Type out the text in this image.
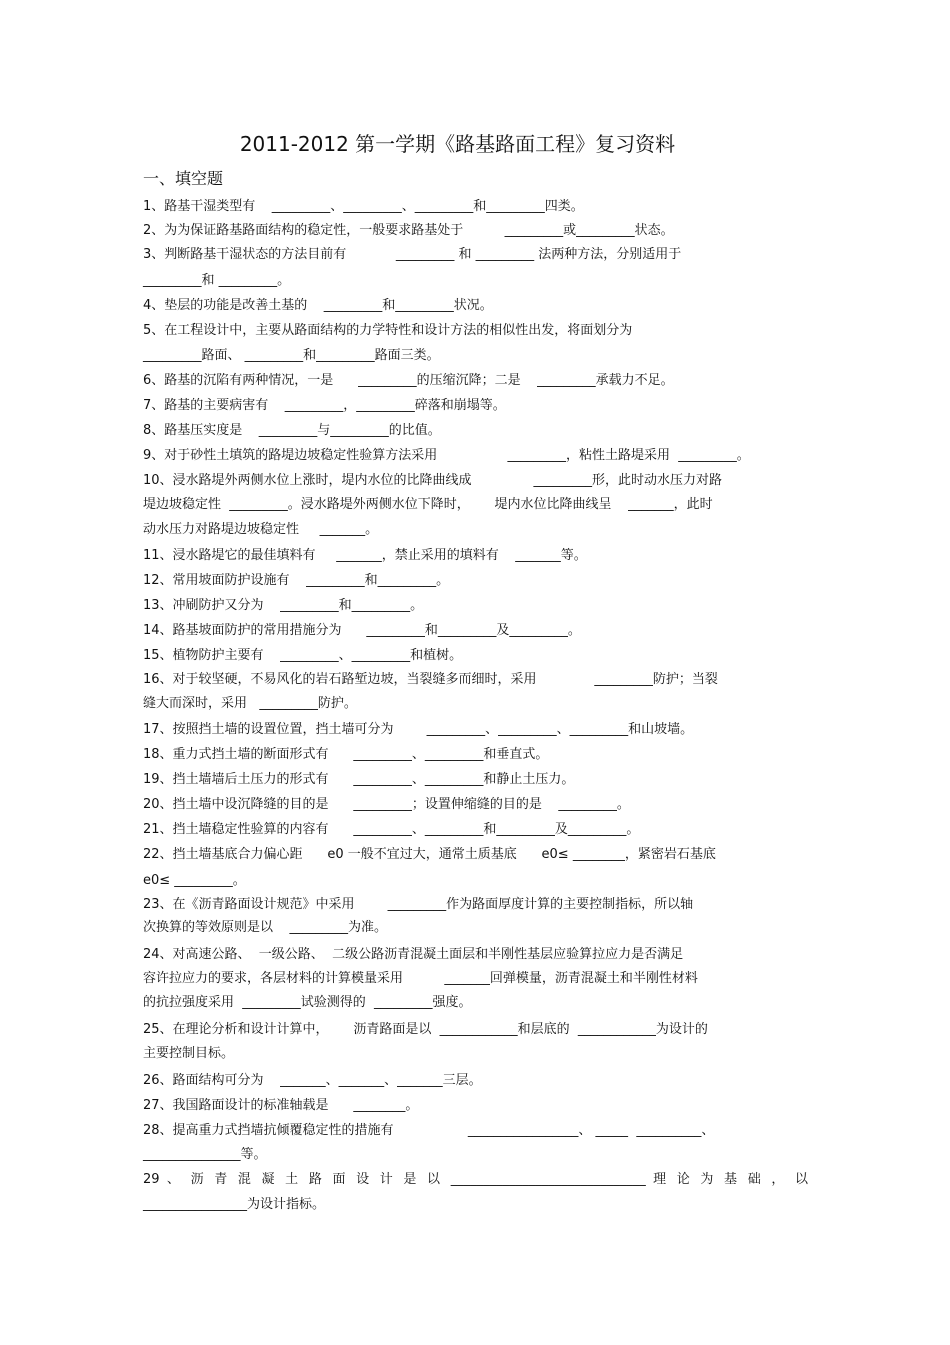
2011-2012 第一学期《路基路面工程》复习资料
一、填空题
1、路基干湿类型有    _________、_________、_________和_________四类。
2、为为保证路基路面结构的稳定性，一般要求路基处于          _________或_________状态。
3、判断路基干湿状态的方法目前有            _________ 和 _________ 法两种方法，分别适用于
_________和 _________。
4、垫层的功能是改善土基的    _________和_________状况。
5、在工程设计中，主要从路面结构的力学特性和设计方法的相似性出发，将面划分为
_________路面、 _________和_________路面三类。
6、路基的沉陷有两种情况，一是      _________的压缩沉降；二是    _________承载力不足。
7、路基的主要病害有    _________，_________碎落和崩塌等。
8、路基压实度是    _________与_________的比值。
9、对于砂性土填筑的路堤边坡稳定性验算方法采用                 _________，粘性土路堤采用  _________。
10、浸水路堤外两侧水位上涨时，堤内水位的比降曲线成               _________形，此时动水压力对路
堤边坡稳定性  _________。浸水路堤外两侧水位下降时，      堤内水位比降曲线呈    _______，此时
动水压力对路堤边坡稳定性     _______。
11、浸水路堤它的最佳填料有     _______，禁止采用的填料有    _______等。
12、常用坡面防护设施有    _________和_________。
13、冲刷防护又分为    _________和_________。
14、路基坡面防护的常用措施分为      _________和_________及_________。
15、植物防护主要有    _________、_________和植树。
16、对于较坚硬，不易风化的岩石路堑边坡，当裂缝多而细时，采用              _________防护；当裂
缝大而深时，采用   _________防护。
17、按照挡土墙的设置位置，挡土墙可分为        _________、_________、_________和山坡墙。
18、重力式挡土墙的断面形式有      _________、_________和垂直式。
19、挡土墙墙后土压力的形式有      _________、_________和静止土压力。
20、挡土墙中设沉降缝的目的是      _________；设置伸缩缝的目的是    _________。
21、挡土墙稳定性验算的内容有      _________、_________和_________及_________。
22、挡土墙基底合力偏心距      e0 一般不宜过大，通常土质基底      e0≤ ________，紧密岩石基底
e0≤ _________。
23、在《沥青路面设计规范》中采用        _________作为路面厚度计算的主要控制指标，所以轴
次换算的等效原则是以    _________为准。
24、对高速公路、  一级公路、  二级公路沥青混凝土面层和半刚性基层应验算拉应力是否满足
容许拉应力的要求，各层材料的计算模量采用          _______回弹模量，沥青混凝土和半刚性材料
的抗拉强度采用  _________试验测得的  _________强度。
25、在理论分析和设计计算中，      沥青路面是以  ____________和层底的  ____________为设计的
主要控制目标。
26、路面结构可分为    _______、_______、_______三层。
27、我国路面设计的标准轴载是      ________。
28、提高重力式挡墙抗倾覆稳定性的措施有                  _________________、 _____  __________、
_______________等。
29 、 沥 青 混 凝 土 路 面 设 计 是 以 ______________________________ 理 论 为 基 础 ， 以
________________为设计指标。
